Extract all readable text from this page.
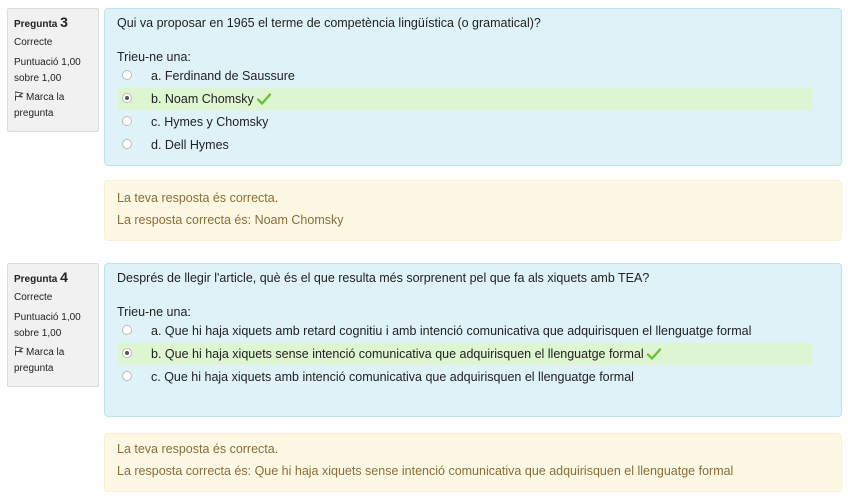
Pregunta 3
Correcte
Puntuació 1,00
sobre 1,00
Marca la
pregunta
Qui va proposar en 1965 el terme de competència lingüística (o gramatical)?
Trieu-ne una:
a. Ferdinand de Saussure
b. Noam Chomsky
c. Hymes y Chomsky
d. Dell Hymes
La teva resposta és correcta.
La resposta correcta és: Noam Chomsky
Pregunta 4
Correcte
Puntuació 1,00
sobre 1,00
Marca la
pregunta
Després de llegir l'article, què és el que resulta més sorprenent pel que fa als xiquets amb TEA?
Trieu-ne una:
a. Que hi haja xiquets amb retard cognitiu i amb intenció comunicativa que adquirisquen el llenguatge formal
b. Que hi haja xiquets sense intenció comunicativa que adquirisquen el llenguatge formal
c. Que hi haja xiquets amb intenció comunicativa que adquirisquen el llenguatge formal
La teva resposta és correcta.
La resposta correcta és: Que hi haja xiquets sense intenció comunicativa que adquirisquen el llenguatge formal
